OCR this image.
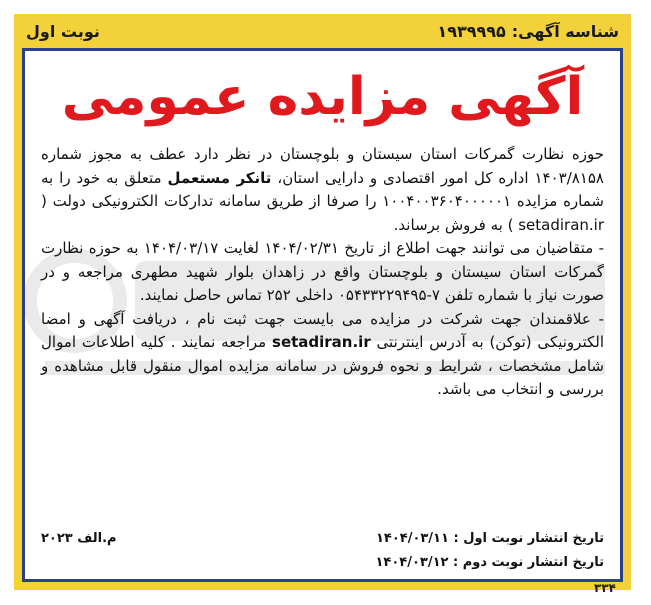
شناسه آگهی:
۱۹۳۹۹۹۵
نوبت اول
آگهی مزایده عمومی

حوزه نظارت گمرکات استان سیستان و بلوچستان در نظر دارد عطف به مجوز شماره ۱۴۰۳/۸۱۵۸ اداره کل امور اقتصادی و دارایی استان، تانکر مستعمل متعلق به خود را به شماره مزایده ۱۰۰۴۰۰۳۶۰۴۰۰۰۰۰۱ را صرفا از طریق سامانه تدارکات الکترونیکی دولت ( setadiran.ir ) به فروش برساند.

- متقاضیان می توانند جهت اطلاع از تاریخ ۱۴۰۴/۰۲/۳۱ لغایت ۱۴۰۴/۰۳/۱۷ به حوزه نظارت گمرکات استان سیستان و بلوچستان واقع در زاهدان بلوار شهید مطهری مراجعه و در صورت نیاز با شماره تلفن ۷-۰۵۴۳۳۲۲۹۴۹۵ داخلی ۲۵۲ تماس حاصل نمایند.

- علاقمندان جهت شرکت در مزایده می بایست جهت ثبت نام ، دریافت آگهی و امضا الکترونیکی (توکن) به آدرس اینترنتی setadiran.ir مراجعه نمایند . کلیه اطلاعات اموال شامل مشخصات ، شرایط و نحوه فروش در سامانه مزایده اموال منقول قابل مشاهده و بررسی و انتخاب می باشد.

تاریخ انتشار نوبت اول : ۱۴۰۴/۰۳/۱۱
تاریخ انتشار نوبت دوم : ۱۴۰۴/۰۳/۱۲
م.الف ۲۰۲۳
۳۳۴
